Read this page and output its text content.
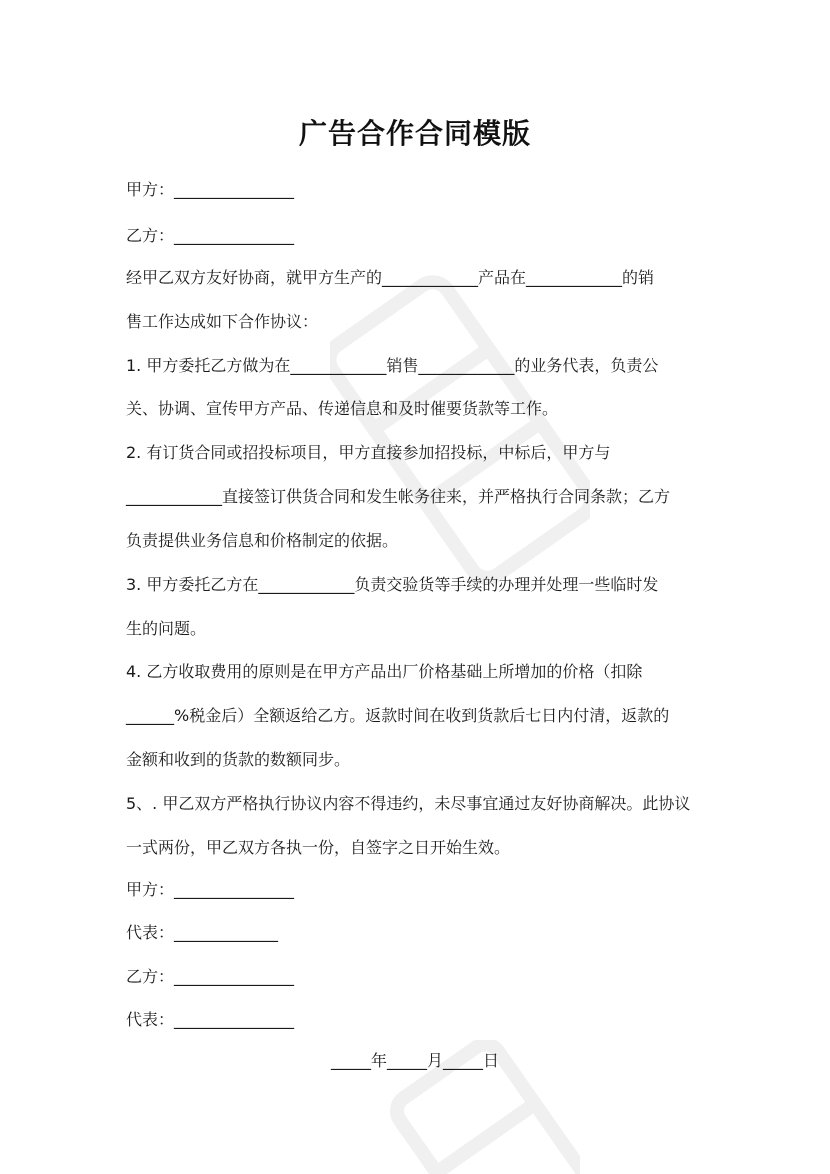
广告合作合同模版
甲方：_______________
乙方：_______________
经甲乙双方友好协商，就甲方生产的____________产品在____________的销
售工作达成如下合作协议：
1. 甲方委托乙方做为在____________销售____________的业务代表，负责公
关、协调、宣传甲方产品、传递信息和及时催要货款等工作。
2. 有订货合同或招投标项目，甲方直接参加招投标，中标后，甲方与
____________直接签订供货合同和发生帐务往来，并严格执行合同条款；乙方
负责提供业务信息和价格制定的依据。
3. 甲方委托乙方在____________负责交验货等手续的办理并处理一些临时发
生的问题。
4. 乙方收取费用的原则是在甲方产品出厂价格基础上所增加的价格（扣除
______%税金后）全额返给乙方。返款时间在收到货款后七日内付清，返款的
金额和收到的货款的数额同步。
5、. 甲乙双方严格执行协议内容不得违约，未尽事宜通过友好协商解决。此协议
一式两份，甲乙双方各执一份，自签字之日开始生效。
甲方：_______________
代表：_____________
乙方：_______________
代表：_______________
_____年_____月_____日
